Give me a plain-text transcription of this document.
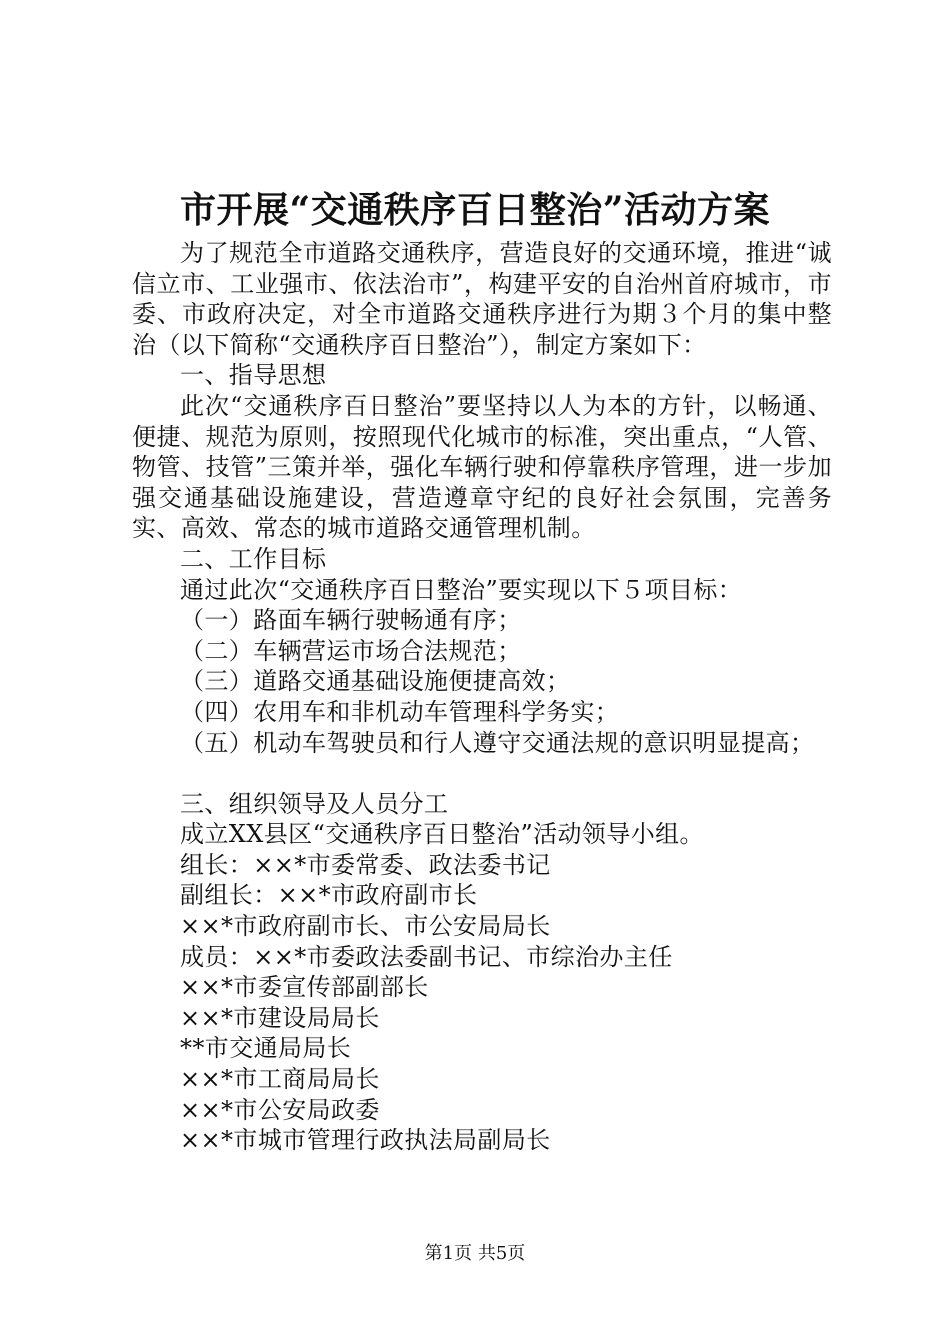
市开展“交通秩序百日整治”活动方案

为了规范全市道路交通秩序，营造良好的交通环境，推进“诚信立市、工业强市、依法治市”，构建平安的自治州首府城市，市委、市政府决定，对全市道路交通秩序进行为期３个月的集中整治（以下简称“交通秩序百日整治”），制定方案如下：

一、指导思想

此次“交通秩序百日整治”要坚持以人为本的方针，以畅通、便捷、规范为原则，按照现代化城市的标准，突出重点，“人管、物管、技管”三策并举，强化车辆行驶和停靠秩序管理，进一步加强交通基础设施建设，营造遵章守纪的良好社会氛围，完善务实、高效、常态的城市道路交通管理机制。

二、工作目标

通过此次“交通秩序百日整治”要实现以下５项目标：

（一）路面车辆行驶畅通有序；

（二）车辆营运市场合法规范；

（三）道路交通基础设施便捷高效；

（四）农用车和非机动车管理科学务实；

（五）机动车驾驶员和行人遵守交通法规的意识明显提高；

三、组织领导及人员分工

成立XX县区“交通秩序百日整治”活动领导小组。

组长：××*市委常委、政法委书记

副组长：××*市政府副市长

××*市政府副市长、市公安局局长

成员：××*市委政法委副书记、市综治办主任

××*市委宣传部副部长

××*市建设局局长

**市交通局局长

××*市工商局局长

××*市公安局政委

××*市城市管理行政执法局副局长

第1页 共5页
